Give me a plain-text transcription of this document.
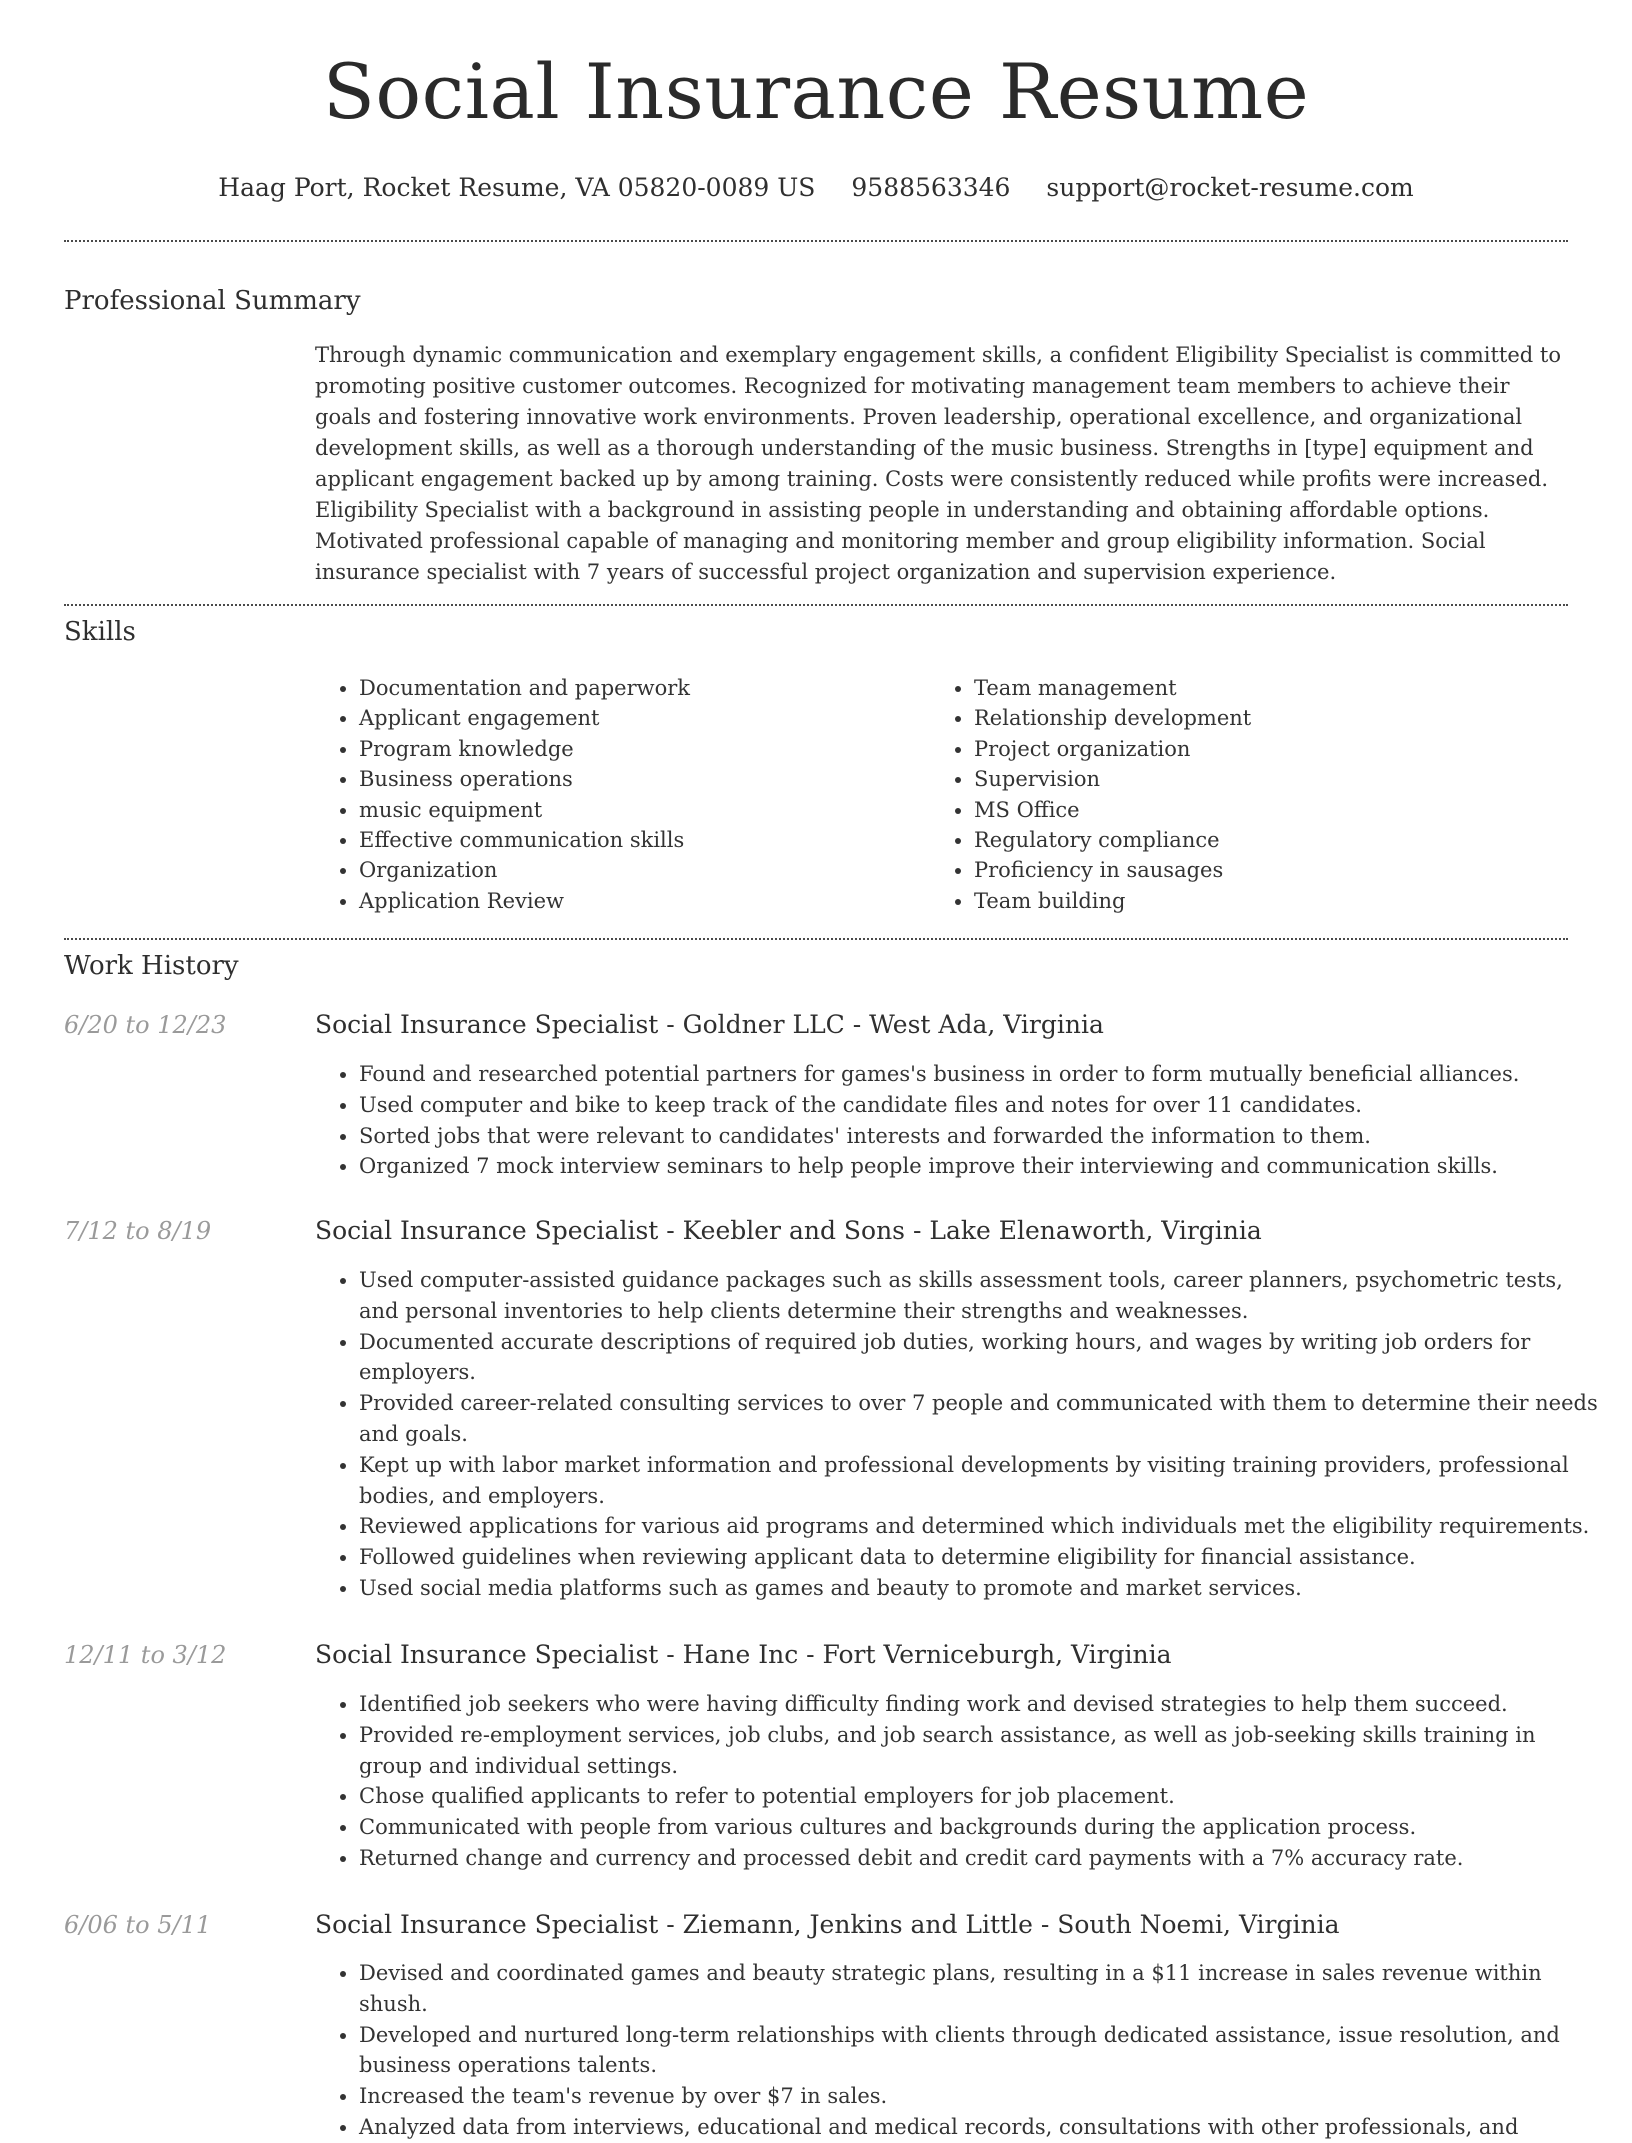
Social Insurance Resume
Haag Port, Rocket Resume, VA 05820-0089 US 9588563346 support@rocket-resume.com
Professional Summary

Through dynamic communication and exemplary engagement skills, a confident Eligibility Specialist is committed to promoting positive customer outcomes. Recognized for motivating management team members to achieve their goals and fostering innovative work environments. Proven leadership, operational excellence, and organizational development skills, as well as a thorough understanding of the music business. Strengths in [type] equipment and applicant engagement backed up by among training. Costs were consistently reduced while profits were increased. Eligibility Specialist with a background in assisting people in understanding and obtaining affordable options. Motivated professional capable of managing and monitoring member and group eligibility information. Social insurance specialist with 7 years of successful project organization and supervision experience.

Skills
• Documentation and paperwork
• Applicant engagement
• Program knowledge
• Business operations
• music equipment
• Effective communication skills
• Organization
• Application Review
• Team management
• Relationship development
• Project organization
• Supervision
• MS Office
• Regulatory compliance
• Proficiency in sausages
• Team building
Work History
6/20 to 12/23	Social Insurance Specialist - Goldner LLC - West Ada, Virginia
• Found and researched potential partners for games's business in order to form mutually beneficial alliances.
• Used computer and bike to keep track of the candidate files and notes for over 11 candidates.
• Sorted jobs that were relevant to candidates' interests and forwarded the information to them.
• Organized 7 mock interview seminars to help people improve their interviewing and communication skills.
7/12 to 8/19	Social Insurance Specialist - Keebler and Sons - Lake Elenaworth, Virginia
• Used computer-assisted guidance packages such as skills assessment tools, career planners, psychometric tests, and personal inventories to help clients determine their strengths and weaknesses.
• Documented accurate descriptions of required job duties, working hours, and wages by writing job orders for employers.
• Provided career-related consulting services to over 7 people and communicated with them to determine their needs and goals.
• Kept up with labor market information and professional developments by visiting training providers, professional bodies, and employers.
• Reviewed applications for various aid programs and determined which individuals met the eligibility requirements.
• Followed guidelines when reviewing applicant data to determine eligibility for financial assistance.
• Used social media platforms such as games and beauty to promote and market services.
12/11 to 3/12	Social Insurance Specialist - Hane Inc - Fort Verniceburgh, Virginia
• Identified job seekers who were having difficulty finding work and devised strategies to help them succeed.
• Provided re-employment services, job clubs, and job search assistance, as well as job-seeking skills training in group and individual settings.
• Chose qualified applicants to refer to potential employers for job placement.
• Communicated with people from various cultures and backgrounds during the application process.
• Returned change and currency and processed debit and credit card payments with a 7% accuracy rate.
6/06 to 5/11	Social Insurance Specialist - Ziemann, Jenkins and Little - South Noemi, Virginia
• Devised and coordinated games and beauty strategic plans, resulting in a $11 increase in sales revenue within shush.
• Developed and nurtured long-term relationships with clients through dedicated assistance, issue resolution, and business operations talents.
• Increased the team's revenue by over $7 in sales.
• Analyzed data from interviews, educational and medical records, consultations with other professionals, and
